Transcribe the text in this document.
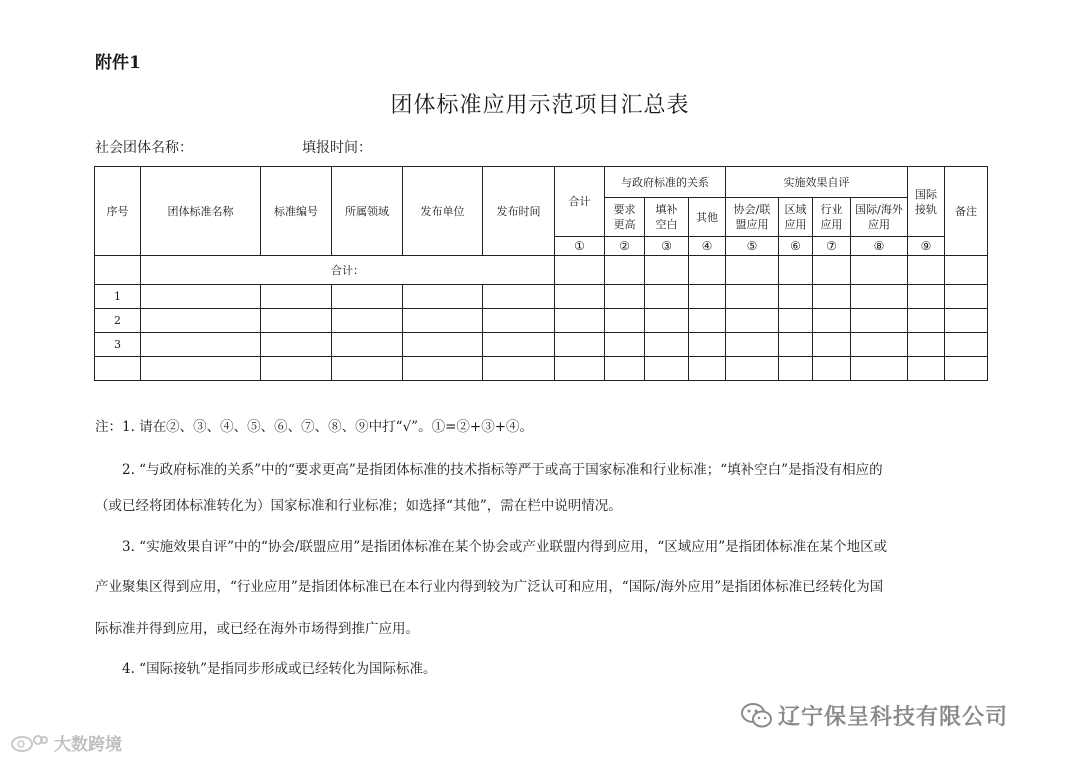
附件1
团体标准应用示范项目汇总表
社会团体名称：	填报时间：
序号	团体标准名称	标准编号	所属领域	发布单位	发布时间	合计	与政府标准的关系			实施效果自评				国际接轨	备注
							要求更高	填补空白	其他	协会/联盟应用	区域应用	行业应用	国际/海外应用		
						①	②	③	④	⑤	⑥	⑦	⑧	⑨	
	合计：														
1															
2															
3															

注：1. 请在②、③、④、⑤、⑥、⑦、⑧、⑨中打“√”。①=②+③+④。
2. “与政府标准的关系”中的“要求更高”是指团体标准的技术指标等严于或高于国家标准和行业标准；“填补空白”是指没有相应的
（或已经将团体标准转化为）国家标准和行业标准；如选择“其他”，需在栏中说明情况。
3. “实施效果自评”中的“协会/联盟应用”是指团体标准在某个协会或产业联盟内得到应用，“区域应用”是指团体标准在某个地区或
产业聚集区得到应用，“行业应用”是指团体标准已在本行业内得到较为广泛认可和应用，“国际/海外应用”是指团体标准已经转化为国
际标准并得到应用，或已经在海外市场得到推广应用。
4. “国际接轨”是指同步形成或已经转化为国际标准。
辽宁保呈科技有限公司
大数跨境
